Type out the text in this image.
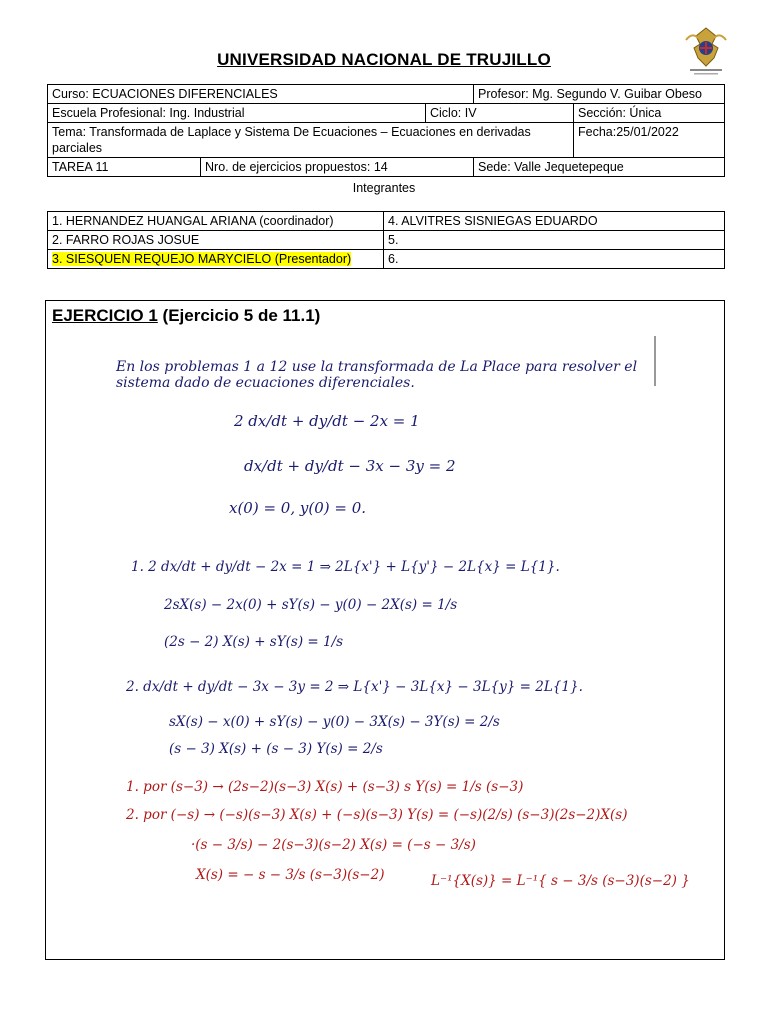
UNIVERSIDAD NACIONAL DE TRUJILLO
Curso: ECUACIONES DIFERENCIALES			Profesor: Mg. Segundo V. Guibar Obeso	
Escuela Profesional: Ing. Industrial		Ciclo: IV		Sección: Única
Tema: Transformada de Laplace y Sistema De Ecuaciones – Ecuaciones en derivadas parciales				Fecha:25/01/2022
TAREA 11	Nro. de ejercicios propuestos: 14		Sede: Valle Jequetepeque	
Integrantes
1. HERNANDEZ HUANGAL ARIANA (coordinador)	4. ALVITRES SISNIEGAS EDUARDO
2. FARRO ROJAS JOSUE	5.
3. SIESQUEN REQUEJO MARYCIELO (Presentador)	6.
EJERCICIO 1 (Ejercicio 5 de 11.1)
En los problemas 1 a 12 use la transformada de La Place para resolver el
sistema dado de ecuaciones diferenciales.
2 dx/dt + dy/dt − 2x = 1
dx/dt + dy/dt − 3x − 3y = 2
x(0) = 0, y(0) = 0.
1. 2 dx/dt + dy/dt − 2x = 1 ⇒ 2L{x'} + L{y'} − 2L{x} = L{1}.
2sX(s) − 2x(0) + sY(s) − y(0) − 2X(s) = 1/s
(2s − 2) X(s) + sY(s) = 1/s
2. dx/dt + dy/dt − 3x − 3y = 2 ⇒ L{x'} − 3L{x} − 3L{y} = 2L{1}.
sX(s) − x(0) + sY(s) − y(0) − 3X(s) − 3Y(s) = 2/s
(s − 3) X(s) + (s − 3) Y(s) = 2/s
1. por (s−3) → (2s−2)(s−3) X(s) + (s−3) s Y(s) = 1/s (s−3)
2. por (−s) → (−s)(s−3) X(s) + (−s)(s−3) Y(s) = (−s)(2/s) (s−3)(2s−2)X(s)
·(s − 3/s) − 2(s−3)(s−2) X(s) = (−s − 3/s)
X(s) = − s − 3/s (s−3)(s−2)	L⁻¹{X(s)} = L⁻¹{ s − 3/s (s−3)(s−2) }
